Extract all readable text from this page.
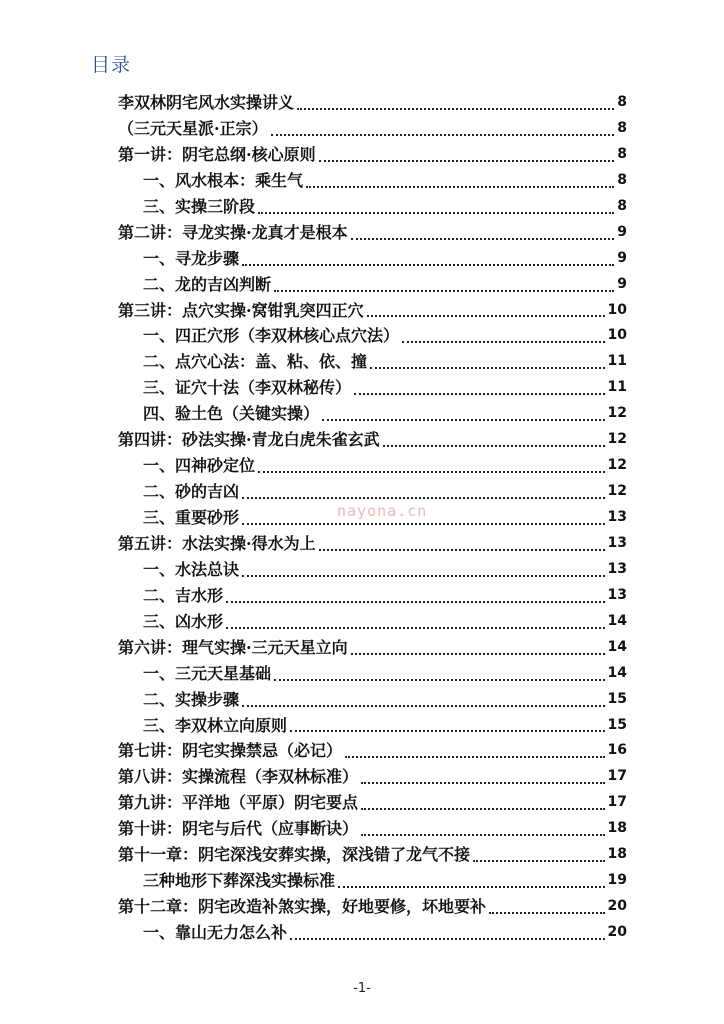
目录
李双林阴宅风水实操讲义	8
（三元天星派·正宗）	8
第一讲：阴宅总纲·核心原则	8
一、风水根本：乘生气	8
三、实操三阶段	8
第二讲：寻龙实操·龙真才是根本	9
一、寻龙步骤	9
二、龙的吉凶判断	9
第三讲：点穴实操·窝钳乳突四正穴	10
一、四正穴形（李双林核心点穴法）	10
二、点穴心法：盖、粘、依、撞	11
三、证穴十法（李双林秘传）	11
四、验土色（关键实操）	12
第四讲：砂法实操·青龙白虎朱雀玄武	12
一、四神砂定位	12
二、砂的吉凶	12
三、重要砂形	13
第五讲：水法实操·得水为上	13
一、水法总诀	13
二、吉水形	13
三、凶水形	14
第六讲：理气实操·三元天星立向	14
一、三元天星基础	14
二、实操步骤	15
三、李双林立向原则	15
第七讲：阴宅实操禁忌（必记）	16
第八讲：实操流程（李双林标准）	17
第九讲：平洋地（平原）阴宅要点	17
第十讲：阴宅与后代（应事断诀）	18
第十一章：阴宅深浅安葬实操，深浅错了龙气不接	18
三种地形下葬深浅实操标准	19
第十二章：阴宅改造补煞实操，好地要修，坏地要补	20
一、靠山无力怎么补	20
nayona.cn
-1-
